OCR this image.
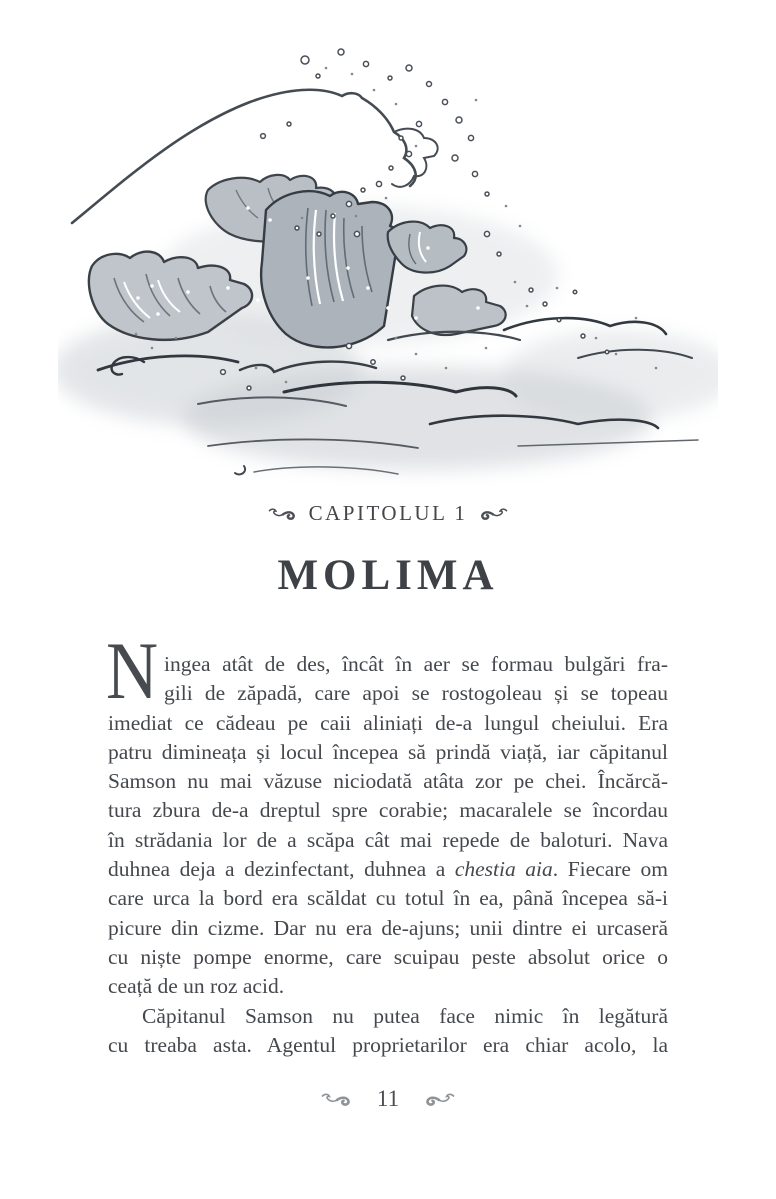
CAPITOLUL 1
MOLIMA
N ingea atât de des, încât în aer se formau bulgări fra-
gili de zăpadă, care apoi se rostogoleau și se topeau
imediat ce cădeau pe caii aliniați de-a lungul cheiului. Era
patru dimineața și locul începea să prindă viață, iar căpitanul
Samson nu mai văzuse niciodată atâta zor pe chei. Încărcă-
tura zbura de-a dreptul spre corabie; macaralele se încordau
în strădania lor de a scăpa cât mai repede de baloturi. Nava
duhnea deja a dezinfectant, duhnea a chestia aia. Fiecare om
care urca la bord era scăldat cu totul în ea, până începea să-i
picure din cizme. Dar nu era de-ajuns; unii dintre ei urcaseră
cu niște pompe enorme, care scuipau peste absolut orice o
ceață de un roz acid.
Căpitanul Samson nu putea face nimic în legătură
cu treaba asta. Agentul proprietarilor era chiar acolo, la
11
